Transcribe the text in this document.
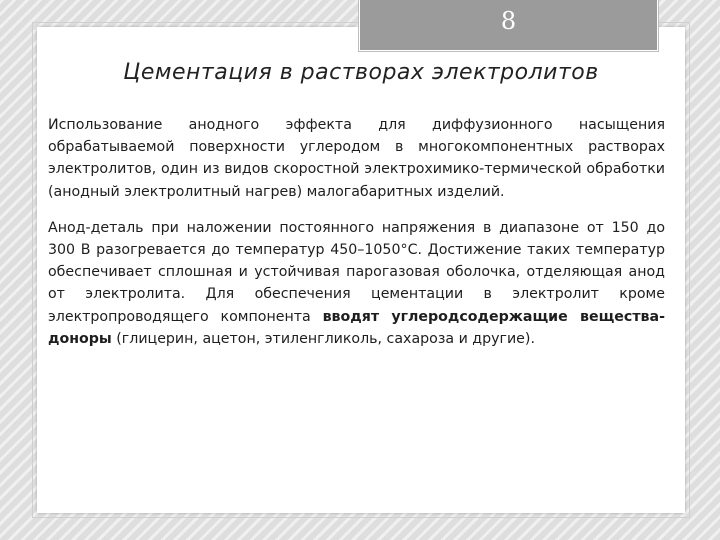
8
Цементация в растворах электролитов

Использование анодного эффекта для диффузионного насыщения обрабатываемой поверхности углеродом в многокомпонентных растворах электролитов, один из видов скоростной электрохимико-термической обработки (анодный электролитный нагрев) малогабаритных изделий.

Анод-деталь при наложении постоянного напряжения в диапазоне от 150 до 300 В разогревается до температур 450–1050°С. Достижение таких температур обеспечивает сплошная и устойчивая парогазовая оболочка, отделяющая анод от электролита. Для обеспечения цементации в электролит кроме электропроводящего компонента вводят углеродсодержащие вещества-доноры (глицерин, ацетон, этиленгликоль, сахароза и другие).
